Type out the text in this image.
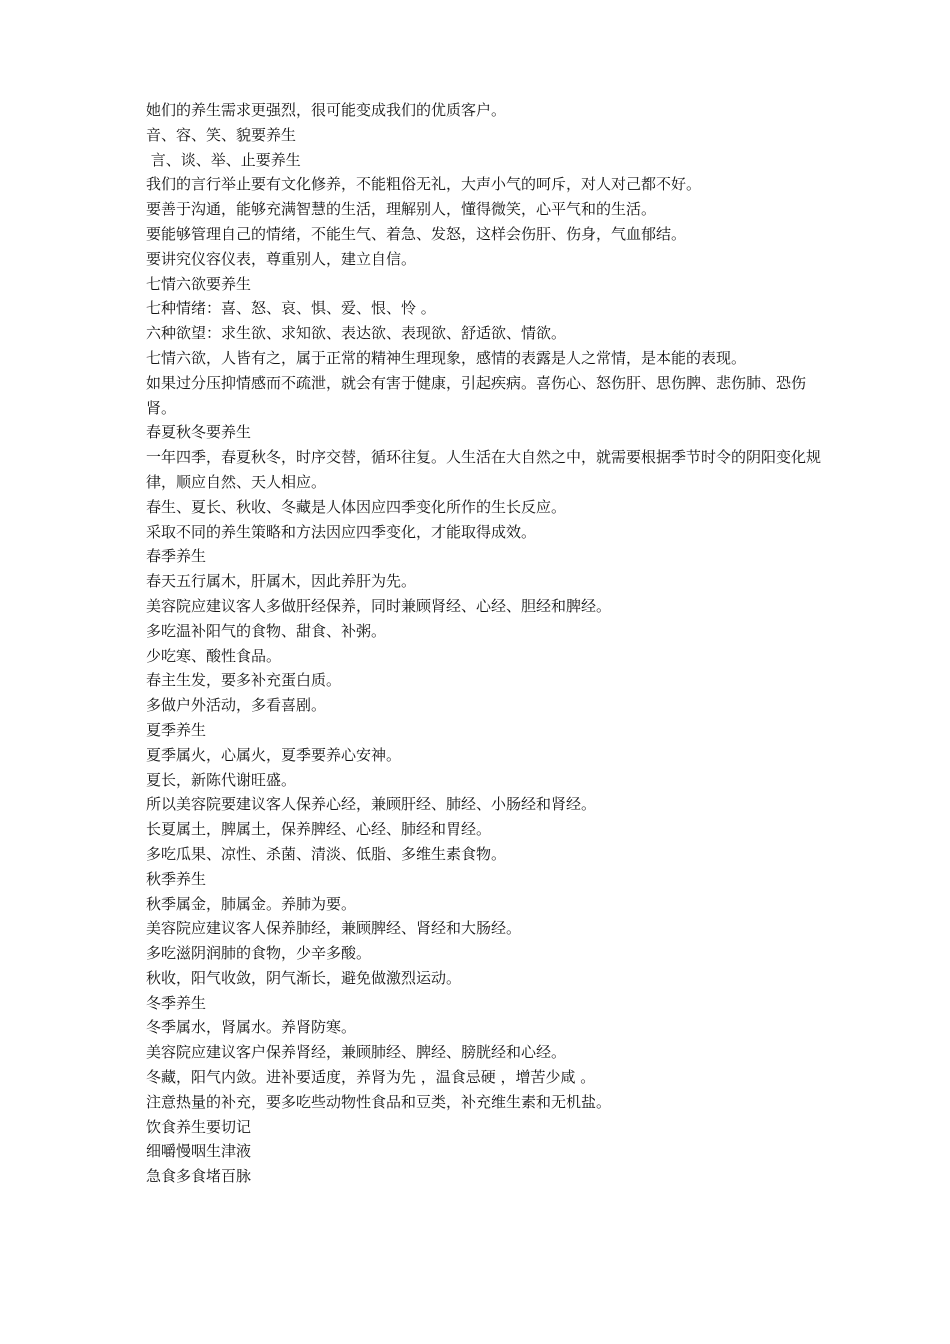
她们的养生需求更强烈，很可能变成我们的优质客户。

音、容、笑、貌要养生

言、谈、举、止要养生

我们的言行举止要有文化修养，不能粗俗无礼，大声小气的呵斥，对人对己都不好。

要善于沟通，能够充满智慧的生活，理解别人，懂得微笑，心平气和的生活。

要能够管理自己的情绪，不能生气、着急、发怒，这样会伤肝、伤身，气血郁结。

要讲究仪容仪表，尊重别人，建立自信。

七情六欲要养生

七种情绪：喜、怒、哀、惧、爱、恨、怜 。

六种欲望：求生欲、求知欲、表达欲、表现欲、舒适欲、情欲。

七情六欲，人皆有之，属于正常的精神生理现象，感情的表露是人之常情，是本能的表现。

如果过分压抑情感而不疏泄，就会有害于健康，引起疾病。喜伤心、怒伤肝、思伤脾、悲伤肺、恐伤肾。

春夏秋冬要养生

一年四季，春夏秋冬，时序交替，循环往复。人生活在大自然之中，就需要根据季节时令的阴阳变化规律，顺应自然、天人相应。

春生、夏长、秋收、冬藏是人体因应四季变化所作的生长反应。

采取不同的养生策略和方法因应四季变化，才能取得成效。

春季养生

春天五行属木，肝属木，因此养肝为先。

美容院应建议客人多做肝经保养，同时兼顾肾经、心经、胆经和脾经。

多吃温补阳气的食物、甜食、补粥。

少吃寒、酸性食品。

春主生发，要多补充蛋白质。

多做户外活动，多看喜剧。

夏季养生

夏季属火，心属火，夏季要养心安神。

夏长，新陈代谢旺盛。

所以美容院要建议客人保养心经，兼顾肝经、肺经、小肠经和肾经。

长夏属土，脾属土，保养脾经、心经、肺经和胃经。

多吃瓜果、凉性、杀菌、清淡、低脂、多维生素食物。

秋季养生

秋季属金，肺属金。养肺为要。

美容院应建议客人保养肺经，兼顾脾经、肾经和大肠经。

多吃滋阴润肺的食物，少辛多酸。

秋收，阳气收敛，阴气渐长，避免做激烈运动。

冬季养生

冬季属水，肾属水。养肾防寒。

美容院应建议客户保养肾经，兼顾肺经、脾经、膀胱经和心经。

冬藏，阳气内敛。进补要适度，养肾为先 ，温食忌硬 ，增苦少咸 。

注意热量的补充，要多吃些动物性食品和豆类，补充维生素和无机盐。

饮食养生要切记

细嚼慢咽生津液

急食多食堵百脉
